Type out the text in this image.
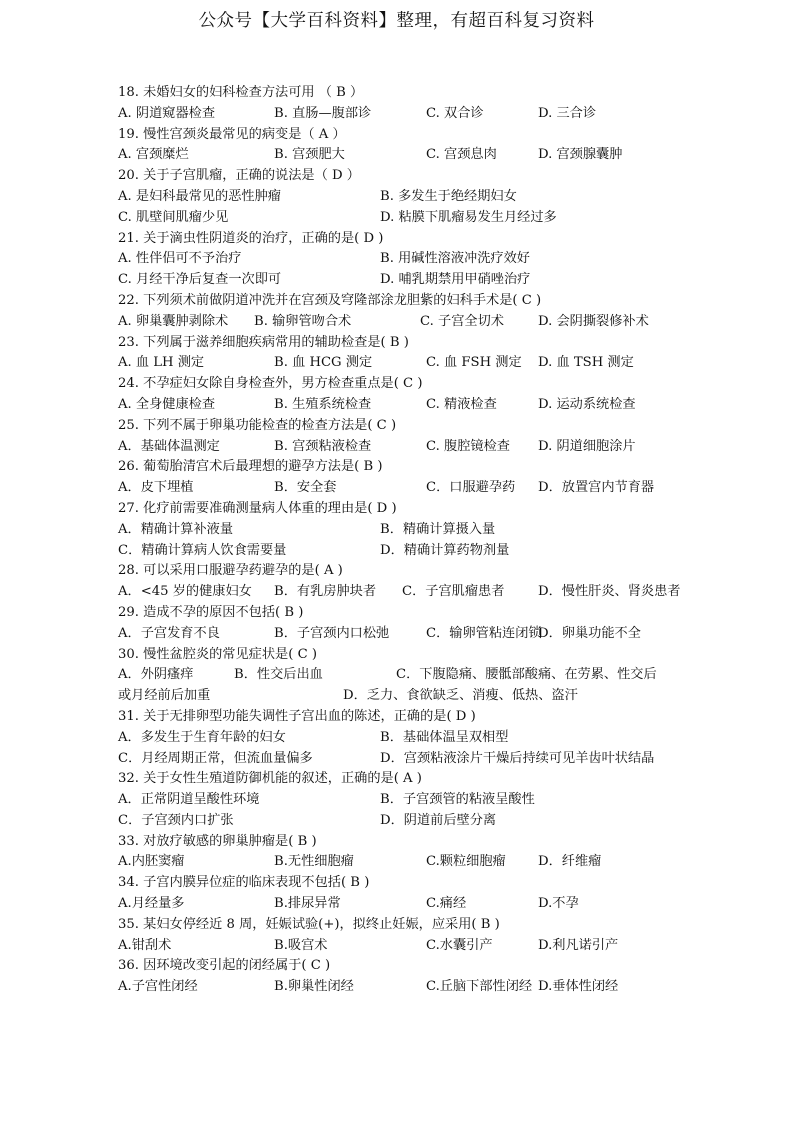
公众号【大学百科资料】整理，有超百科复习资料
18. 未婚妇女的妇科检查方法可用 （ B ）
A. 阴道窥器检查	B. 直肠—腹部诊	C. 双合诊	D. 三合诊
19. 慢性宫颈炎最常见的病变是（ A ）
A. 宫颈糜烂	B. 宫颈肥大	C. 宫颈息肉	D. 宫颈腺囊肿
20. 关于子宫肌瘤，正确的说法是（ D ）
A. 是妇科最常见的恶性肿瘤	B. 多发生于绝经期妇女
C. 肌壁间肌瘤少见	D. 粘膜下肌瘤易发生月经过多
21. 关于滴虫性阴道炎的治疗，正确的是( D )
A. 性伴侣可不予治疗	B. 用碱性溶液冲洗疗效好
C. 月经干净后复查一次即可	D. 哺乳期禁用甲硝唑治疗
22. 下列须术前做阴道冲洗并在宫颈及穹隆部涂龙胆紫的妇科手术是( C )
A. 卵巢囊肿剥除术 B. 输卵管吻合术	C. 子宫全切术	D. 会阴撕裂修补术
23. 下列属于滋养细胞疾病常用的辅助检查是( B )
A. 血 LH 测定	B. 血 HCG 测定	C. 血 FSH 测定 D. 血 TSH 测定
24. 不孕症妇女除自身检查外，男方检查重点是( C )
A. 全身健康检查	B. 生殖系统检查	C. 精液检查	D. 运动系统检查
25. 下列不属于卵巢功能检查的检查方法是( C )
A．基础体温测定	B. 宫颈粘液检查	C. 腹腔镜检查 D. 阴道细胞涂片
26. 葡萄胎清宫术后最理想的避孕方法是( B )
A．皮下埋植	B．安全套	C．口服避孕药 D．放置宫内节育器
27. 化疗前需要准确测量病人体重的理由是( D )
A．精确计算补液量	B．精确计算摄入量
C．精确计算病人饮食需要量	D．精确计算药物剂量
28. 可以采用口服避孕药避孕的是( A )
A．<45 岁的健康妇女 B．有乳房肿块者 C．子宫肌瘤患者	D．慢性肝炎、肾炎患者
29. 造成不孕的原因不包括( B )
A．子宫发育不良	B．子宫颈内口松弛	C．输卵管粘连闭锁
D．卵巢功能不全
30. 慢性盆腔炎的常见症状是( C )
A．外阴瘙痒	B．性交后出血	C．下腹隐痛、腰骶部酸痛、在劳累、性交后
或月经前后加重	D．乏力、食欲缺乏、消瘦、低热、盗汗
31. 关于无排卵型功能失调性子宫出血的陈述，正确的是( D )
A．多发生于生育年龄的妇女	B．基础体温呈双相型
C．月经周期正常，但流血量偏多	D．宫颈粘液涂片干燥后持续可见羊齿叶状结晶
32. 关于女性生殖道防御机能的叙述，正确的是( A )
A．正常阴道呈酸性环境	B．子宫颈管的粘液呈酸性
C．子宫颈内口扩张	D．阴道前后壁分离
33. 对放疗敏感的卵巢肿瘤是( B )
A.内胚窦瘤	B.无性细胞瘤	C.颗粒细胞瘤 D．纤维瘤
34. 子宫内膜异位症的临床表现不包括( B )
A.月经量多	B.排尿异常	C.痛经	D.不孕
35. 某妇女停经近 8 周，妊娠试验(+)，拟终止妊娠，应采用( B )
A.钳刮术	B.吸宫术	C.水囊引产	D.利凡诺引产
36. 因环境改变引起的闭经属于( C )
A.子宫性闭经	B.卵巢性闭经	C.丘脑下部性闭经 D.垂体性闭经
